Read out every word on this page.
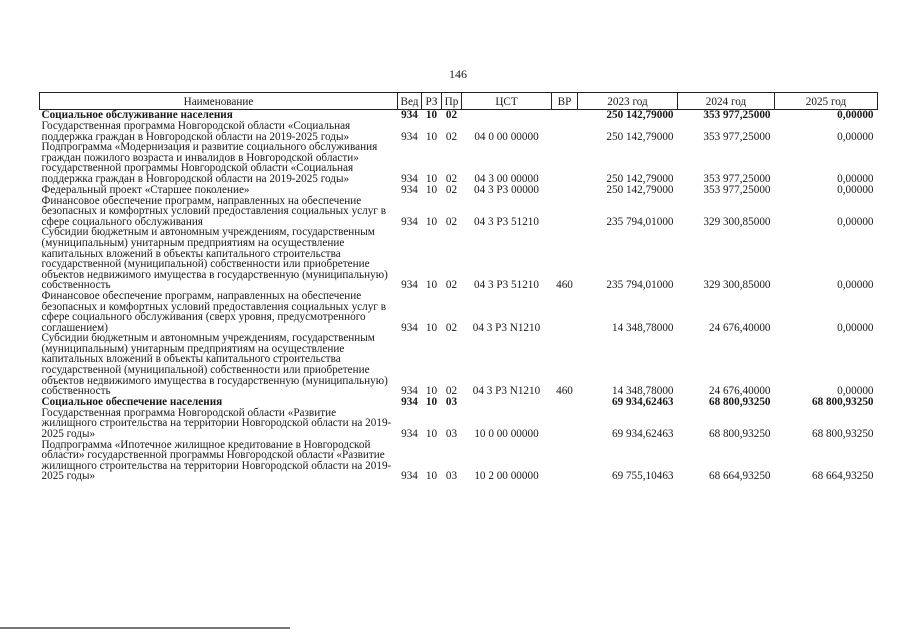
146
Наименование	Вед	РЗ	Пр	ЦСТ	ВР	2023 год	2024 год	2025 год
Социальное обслуживание населения	934	10	02			250 142,79000	353 977,25000	0,00000
Государственная программа Новгородской области «Социальная поддержка граждан в Новгородской области на 2019-2025 годы»	934	10	02	04 0 00 00000		250 142,79000	353 977,25000	0,00000
Подпрограмма «Модернизация и развитие социального обслуживания граждан пожилого возраста и инвалидов в Новгородской области» государственной программы Новгородской области «Социальная поддержка граждан в Новгородской области на 2019-2025 годы»	934	10	02	04 3 00 00000		250 142,79000	353 977,25000	0,00000
Федеральный проект «Старшее поколение»	934	10	02	04 3 P3 00000		250 142,79000	353 977,25000	0,00000
Финансовое обеспечение программ, направленных на обеспечение безопасных и комфортных условий предоставления социальных услуг в сфере социального обслуживания	934	10	02	04 3 P3 51210		235 794,01000	329 300,85000	0,00000
Субсидии бюджетным и автономным учреждениям, государственным (муниципальным) унитарным предприятиям на осуществление капитальных вложений в объекты капитального строительства государственной (муниципальной) собственности или приобретение объектов недвижимого имущества в государственную (муниципальную) собственность	934	10	02	04 3 P3 51210	460	235 794,01000	329 300,85000	0,00000
Финансовое обеспечение программ, направленных на обеспечение безопасных и комфортных условий предоставления социальных услуг в сфере социального обслуживания (сверх уровня, предусмотренного соглашением)	934	10	02	04 3 P3 N1210		14 348,78000	24 676,40000	0,00000
Субсидии бюджетным и автономным учреждениям, государственным (муниципальным) унитарным предприятиям на осуществление капитальных вложений в объекты капитального строительства государственной (муниципальной) собственности или приобретение объектов недвижимого имущества в государственную (муниципальную) собственность	934	10	02	04 3 P3 N1210	460	14 348,78000	24 676,40000	0,00000
Социальное обеспечение населения	934	10	03			69 934,62463	68 800,93250	68 800,93250
Государственная программа Новгородской области «Развитие жилищного строительства на территории Новгородской области на 2019-2025 годы»	934	10	03	10 0 00 00000		69 934,62463	68 800,93250	68 800,93250
Подпрограмма «Ипотечное жилищное кредитование в Новгородской области» государственной программы Новгородской области «Развитие жилищного строительства на территории Новгородской области на 2019-2025 годы»	934	10	03	10 2 00 00000		69 755,10463	68 664,93250	68 664,93250
